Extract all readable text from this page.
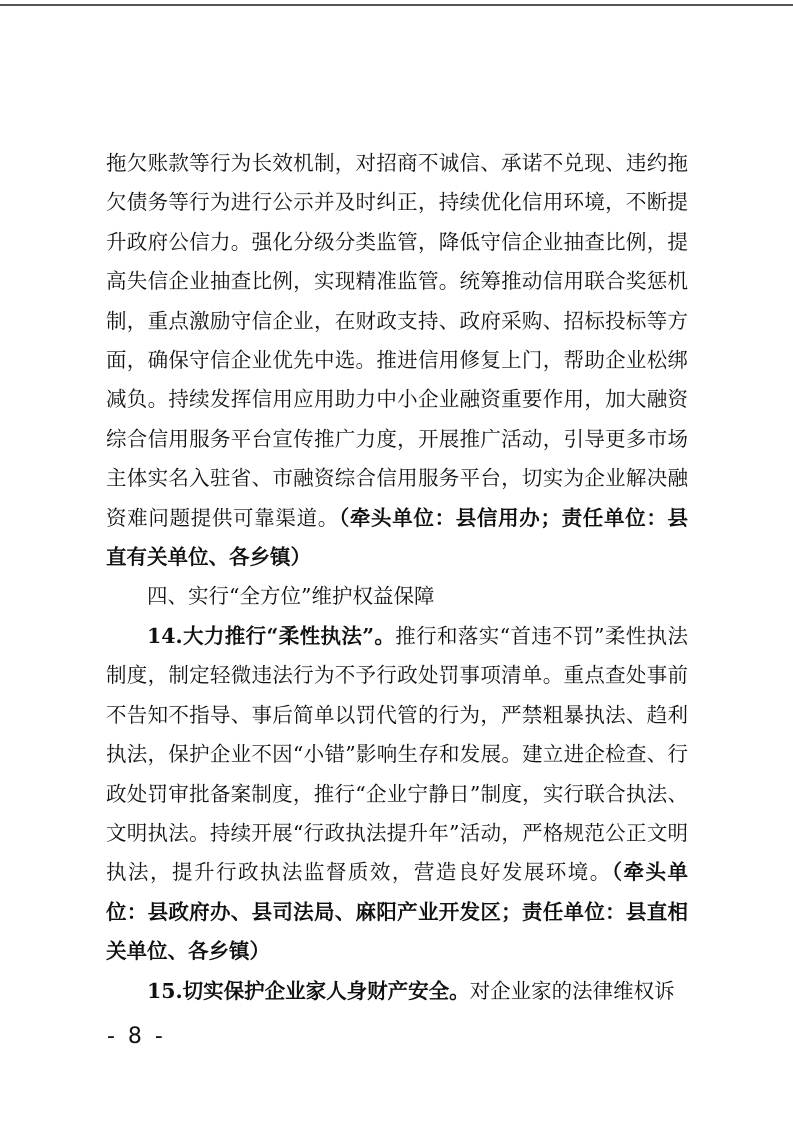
拖欠账款等行为长效机制，对招商不诚信、承诺不兑现、违约拖欠债务等行为进行公示并及时纠正，持续优化信用环境，不断提升政府公信力。强化分级分类监管，降低守信企业抽查比例，提高失信企业抽查比例，实现精准监管。统筹推动信用联合奖惩机制，重点激励守信企业，在财政支持、政府采购、招标投标等方面，确保守信企业优先中选。推进信用修复上门，帮助企业松绑减负。持续发挥信用应用助力中小企业融资重要作用，加大融资综合信用服务平台宣传推广力度，开展推广活动，引导更多市场主体实名入驻省、市融资综合信用服务平台，切实为企业解决融资难问题提供可靠渠道。（牵头单位：县信用办；责任单位：县直有关单位、各乡镇）

四、实行“全方位”维护权益保障

14.大力推行“柔性执法”。推行和落实“首违不罚”柔性执法制度，制定轻微违法行为不予行政处罚事项清单。重点查处事前不告知不指导、事后简单以罚代管的行为，严禁粗暴执法、趋利执法，保护企业不因“小错”影响生存和发展。建立进企检查、行政处罚审批备案制度，推行“企业宁静日”制度，实行联合执法、文明执法。持续开展“行政执法提升年”活动，严格规范公正文明执法，提升行政执法监督质效，营造良好发展环境。（牵头单位：县政府办、县司法局、麻阳产业开发区；责任单位：县直相关单位、各乡镇）

15.切实保护企业家人身财产安全。对企业家的法律维权诉

- 8 -
